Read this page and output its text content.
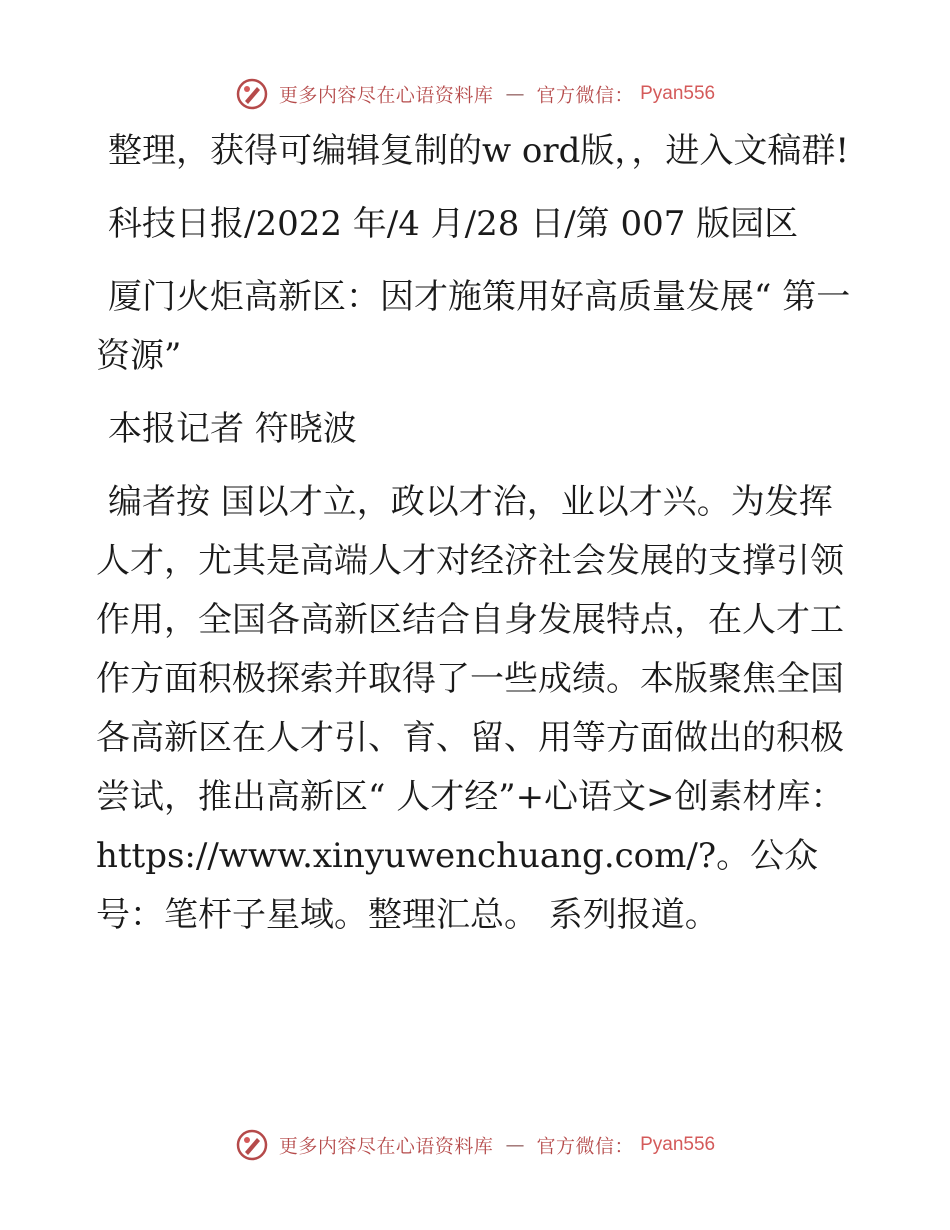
更多内容尽在心语资料库 — 官方微信： Pyan556

整理，获得可编辑复制的w ord版，，进入文稿群!

科技日报/2022 年/4 月/28 日/第 007 版园区

厦门火炬高新区：因才施策用好高质量发展“ 第一资源”

本报记者 符晓波

编者按 国以才立，政以才治，业以才兴。为发挥人才，尤其是高端人才对经济社会发展的支撑引领作用，全国各高新区结合自身发展特点，在人才工作方面积极探索并取得了一些成绩。本版聚焦全国各高新区在人才引、育、留、用等方面做出的积极尝试，推出高新区“ 人才经”+心语文>创素材库：https://www.xinyuwenchuang.com/?。公众号：笔杆子星域。整理汇总。 系列报道。

更多内容尽在心语资料库 — 官方微信： Pyan556
